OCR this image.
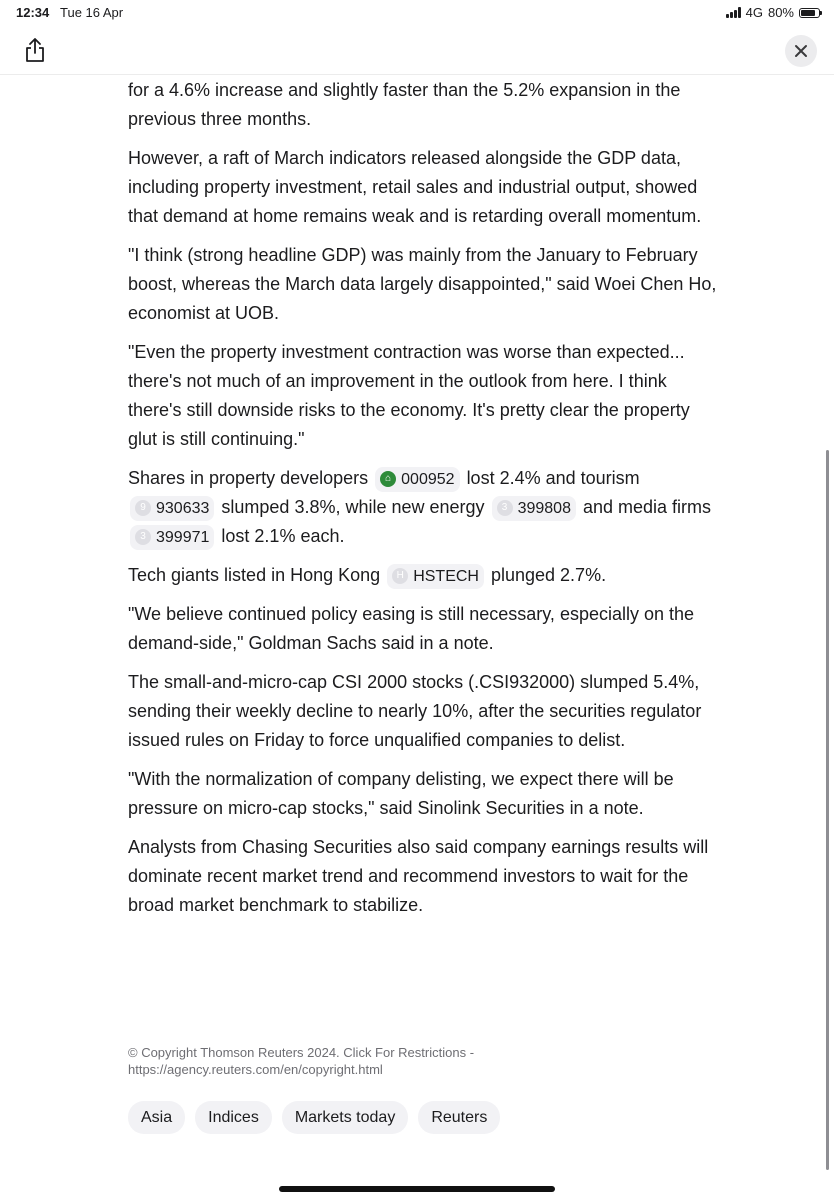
12:34 Tue 16 Apr	4G 80%

for a 4.6% increase and slightly faster than the 5.2% expansion in the previous three months.

However, a raft of March indicators released alongside the GDP data, including property investment, retail sales and industrial output, showed that demand at home remains weak and is retarding overall momentum.

"I think (strong headline GDP) was mainly from the January to February boost, whereas the March data largely disappointed," said Woei Chen Ho, economist at UOB.

"Even the property investment contraction was worse than expected... there's not much of an improvement in the outlook from here. I think there's still downside risks to the economy. It's pretty clear the property glut is still continuing."

Shares in property developers	⌂ 000952 lost 2.4% and tourism
9 930633 slumped 3.8%, while new energy	3 399808 and media firms
3 399971 lost 2.1% each.

Tech giants listed in Hong Kong	H HSTECH plunged 2.7%.

"We believe continued policy easing is still necessary, especially on the demand-side," Goldman Sachs said in a note.

The small-and-micro-cap CSI 2000 stocks (.CSI932000) slumped 5.4%, sending their weekly decline to nearly 10%, after the securities regulator issued rules on Friday to force unqualified companies to delist.

"With the normalization of company delisting, we expect there will be pressure on micro-cap stocks," said Sinolink Securities in a note.

Analysts from Chasing Securities also said company earnings results will dominate recent market trend and recommend investors to wait for the broad market benchmark to stabilize.

© Copyright Thomson Reuters 2024. Click For Restrictions - https://agency.reuters.com/en/copyright.html
Asia	Indices	Markets today	Reuters
